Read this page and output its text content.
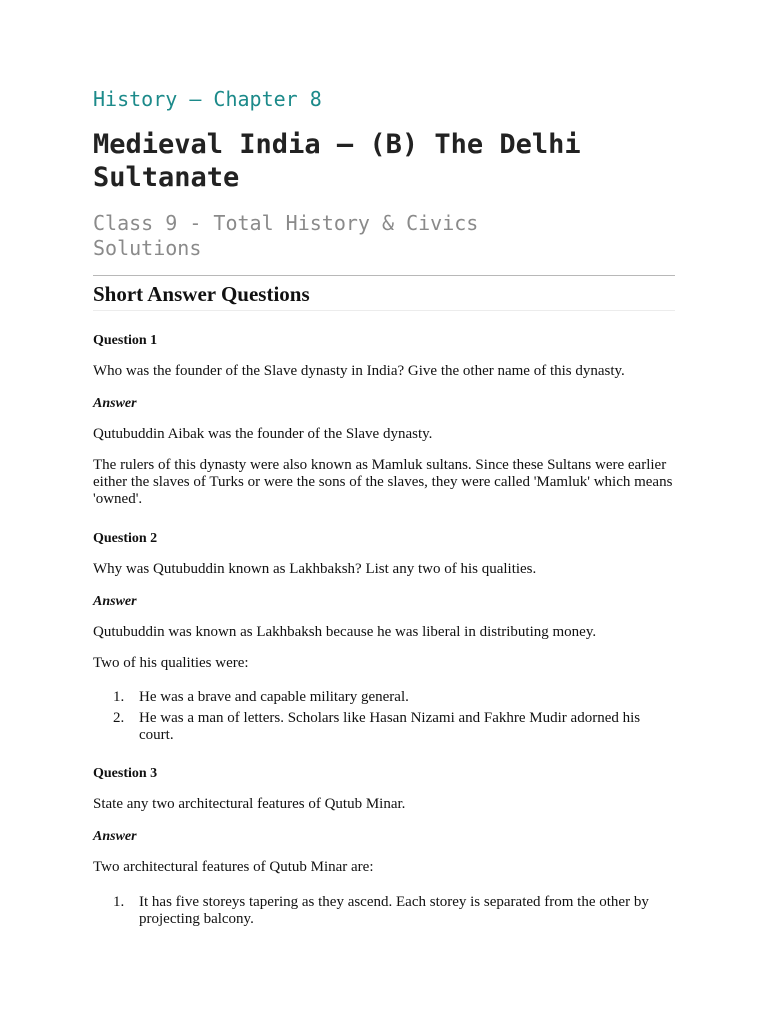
History — Chapter 8
Medieval India — (B) The Delhi Sultanate
Class 9 - Total History & Civics Solutions
Short Answer Questions

Question 1

Who was the founder of the Slave dynasty in India? Give the other name of this dynasty.

Answer

Qutubuddin Aibak was the founder of the Slave dynasty.

The rulers of this dynasty were also known as Mamluk sultans. Since these Sultans were earlier either the slaves of Turks or were the sons of the slaves, they were called 'Mamluk' which means 'owned'.

Question 2

Why was Qutubuddin known as Lakhbaksh? List any two of his qualities.

Answer

Qutubuddin was known as Lakhbaksh because he was liberal in distributing money.

Two of his qualities were:

1. He was a brave and capable military general.
2. He was a man of letters. Scholars like Hasan Nizami and Fakhre Mudir adorned his court.

Question 3

State any two architectural features of Qutub Minar.

Answer

Two architectural features of Qutub Minar are:

1. It has five storeys tapering as they ascend. Each storey is separated from the other by projecting balcony.
